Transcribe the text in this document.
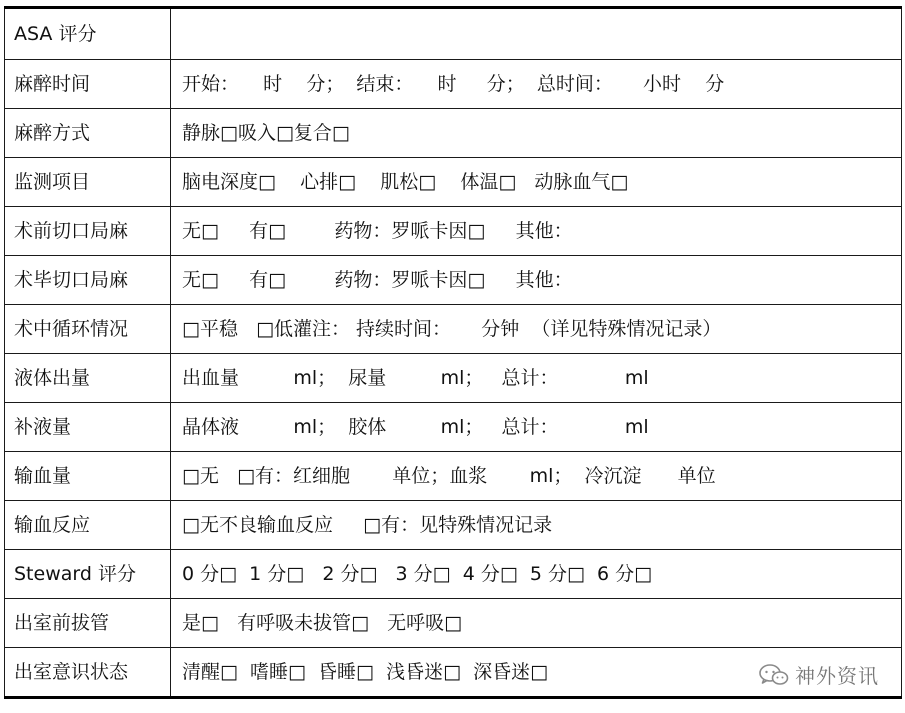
ASA 评分	
麻醉时间	开始：    时    分；  结束：    时     分；  总时间：     小时    分
麻醉方式	静脉□吸入□复合□
监测项目	脑电深度□    心排□    肌松□    体温□   动脉血气□
术前切口局麻	无□     有□        药物：罗哌卡因□     其他：
术毕切口局麻	无□     有□        药物：罗哌卡因□     其他：
术中循环情况	□平稳   □低灌注： 持续时间：     分钟  （详见特殊情况记录）
液体出量	出血量         ml；  尿量         ml；   总计：           ml
补液量	晶体液         ml；  胶体         ml；   总计：           ml
输血量	□无   □有：红细胞       单位；血浆       ml；  冷沉淀      单位
输血反应	□无不良输血反应     □有：见特殊情况记录
Steward 评分	0 分□  1 分□   2 分□   3 分□  4 分□  5 分□  6 分□
出室前拔管	是□   有呼吸未拔管□   无呼吸□
出室意识状态	清醒□  嗜睡□  昏睡□  浅昏迷□  深昏迷□	神外资讯
